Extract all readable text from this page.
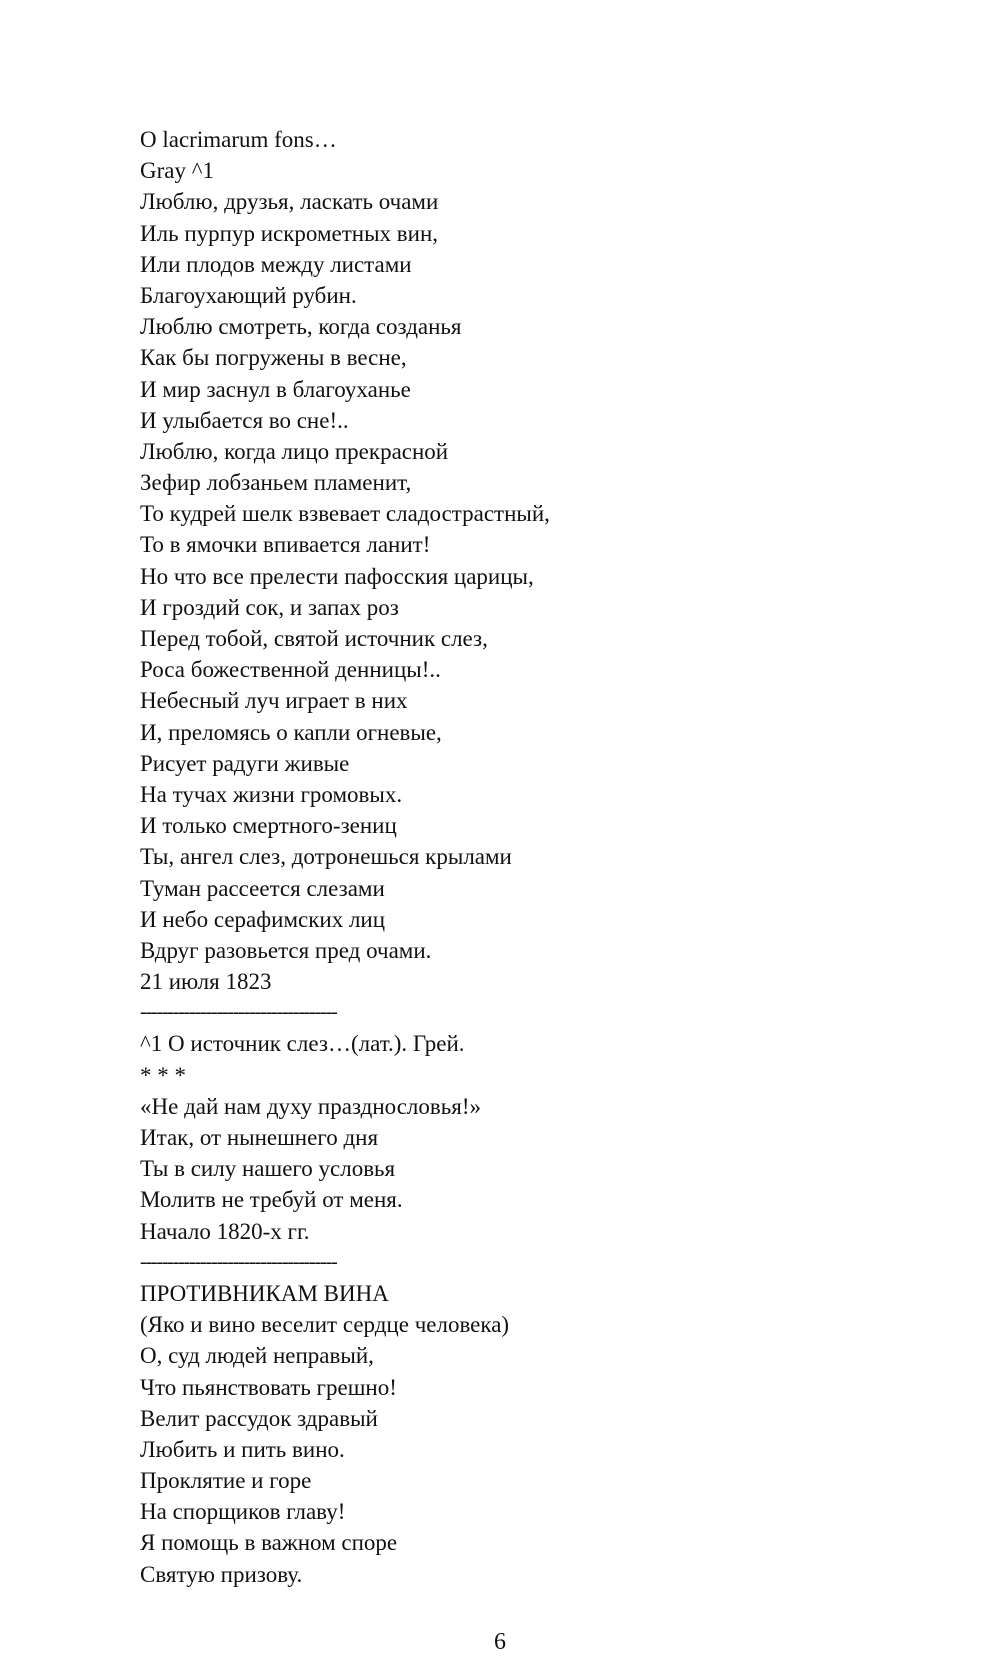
O lacrimarum fons…
Gray ^1
Люблю, друзья, ласкать очами
Иль пурпур искрометных вин,
Или плодов между листами
Благоухающий рубин.
Люблю смотреть, когда созданья
Как бы погружены в весне,
И мир заснул в благоуханье
И улыбается во сне!..
Люблю, когда лицо прекрасной
Зефир лобзаньем пламенит,
То кудрей шелк взвевает сладострастный,
То в ямочки впивается ланит!
Но что все прелести пафосския царицы,
И гроздий сок, и запах роз
Перед тобой, святой источник слез,
Роса божественной денницы!..
Небесный луч играет в них
И, преломясь о капли огневые,
Рисует радуги живые
На тучах жизни громовых.
И только смертного-зениц
Ты, ангел слез, дотронешься крылами
Туман рассеется слезами
И небо серафимских лиц
Вдруг разовьется пред очами.
21 июля 1823
------------------------------------
^1 О источник слез…(лат.). Грей.
* * *
«Не дай нам духу празднословья!»
Итак, от нынешнего дня
Ты в силу нашего условья
Молитв не требуй от меня.
Начало 1820-х гг.
------------------------------------
ПРОТИВНИКАМ ВИНА
(Яко и вино веселит сердце человека)
О, суд людей неправый,
Что пьянствовать грешно!
Велит рассудок здравый
Любить и пить вино.
Проклятие и горе
На спорщиков главу!
Я помощь в важном споре
Святую призову.
6
